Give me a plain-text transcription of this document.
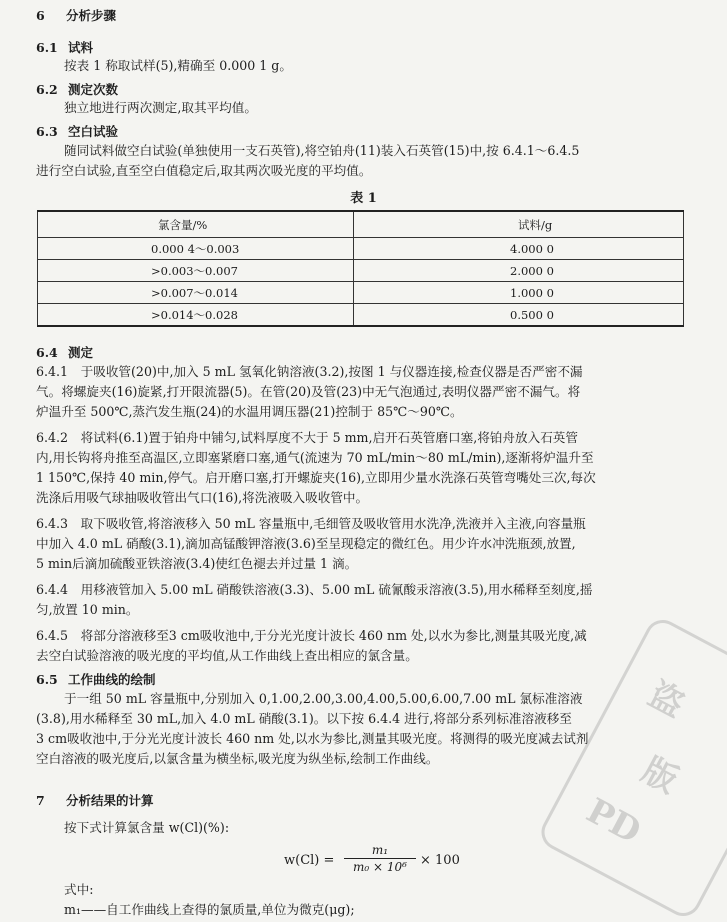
6 分析步骤
6.1 试料
按表 1 称取试样(5),精确至 0.000 1 g。
6.2 测定次数
独立地进行两次测定,取其平均值。
6.3 空白试验
随同试料做空白试验(单独使用一支石英管),将空铂舟(11)装入石英管(15)中,按 6.4.1～6.4.5
进行空白试验,直至空白值稳定后,取其两次吸光度的平均值。
表 1
氯含量/%	试料/g
0.000 4～0.003	4.000 0
>0.003～0.007	2.000 0
>0.007～0.014	1.000 0
>0.014～0.028	0.500 0
6.4 测定
6.4.1　于吸收管(20)中,加入 5 mL 氢氧化钠溶液(3.2),按图 1 与仪器连接,检查仪器是否严密不漏
气。将螺旋夹(16)旋紧,打开限流器(5)。在管(20)及管(23)中无气泡通过,表明仪器严密不漏气。将
炉温升至 500℃,蒸汽发生瓶(24)的水温用调压器(21)控制于 85℃～90℃。
6.4.2　将试料(6.1)置于铂舟中铺匀,试料厚度不大于 5 mm,启开石英管磨口塞,将铂舟放入石英管
内,用长钩将舟推至高温区,立即塞紧磨口塞,通气(流速为 70 mL/min～80 mL/min),逐渐将炉温升至
1 150℃,保持 40 min,停气。启开磨口塞,打开螺旋夹(16),立即用少量水洗涤石英管弯嘴处三次,每次
洗涤后用吸气球抽吸收管出气口(16),将洗液吸入吸收管中。
6.4.3　取下吸收管,将溶液移入 50 mL 容量瓶中,毛细管及吸收管用水洗净,洗液并入主液,向容量瓶
中加入 4.0 mL 硝酸(3.1),滴加高锰酸钾溶液(3.6)至呈现稳定的微红色。用少许水冲洗瓶颈,放置,
5 min后滴加硫酸亚铁溶液(3.4)使红色褪去并过量 1 滴。
6.4.4　用移液管加入 5.00 mL 硝酸铁溶液(3.3)、5.00 mL 硫氰酸汞溶液(3.5),用水稀释至刻度,摇
匀,放置 10 min。
6.4.5　将部分溶液移至3 cm吸收池中,于分光光度计波长 460 nm 处,以水为参比,测量其吸光度,减
去空白试验溶液的吸光度的平均值,从工作曲线上查出相应的氯含量。
6.5 工作曲线的绘制
于一组 50 mL 容量瓶中,分别加入 0,1.00,2.00,3.00,4.00,5.00,6.00,7.00 mL 氯标准溶液
(3.8),用水稀释至 30 mL,加入 4.0 mL 硝酸(3.1)。以下按 6.4.4 进行,将部分系列标准溶液移至
3 cm吸收池中,于分光光度计波长 460 nm 处,以水为参比,测量其吸光度。将测得的吸光度减去试剂
空白溶液的吸光度后,以氯含量为横坐标,吸光度为纵坐标,绘制工作曲线。
7 分析结果的计算
按下式计算氯含量 w(Cl)(%):
$w(Cl) = \frac{\text{m₁}}{\text{m₀ × 10⁶}} \times 100$
式中:
m₁——自工作曲线上查得的氯质量,单位为微克(μg);
盗
版
PD
